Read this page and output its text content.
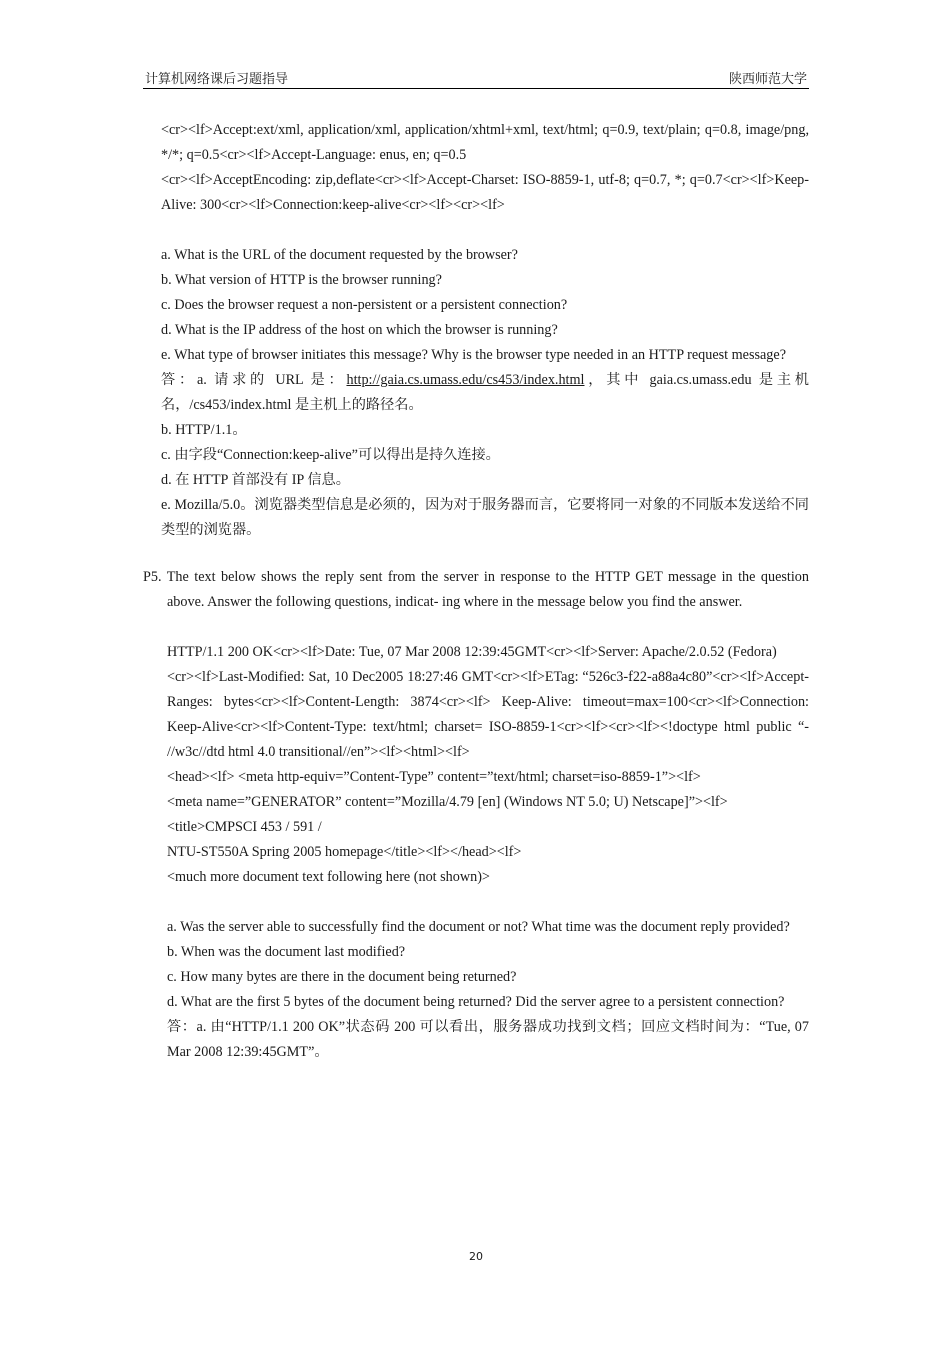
计算机网络课后习题指导	陕西师范大学

<cr><lf>Accept:ext/xml, application/xml, application/xhtml+xml, text/html; q=0.9, text/plain; q=0.8, image/png, */*; q=0.5<cr><lf>Accept-Language: enus, en; q=0.5

<cr><lf>AcceptEncoding: zip,deflate<cr><lf>Accept-Charset: ISO-8859-1, utf-8; q=0.7, *; q=0.7<cr><lf>Keep-Alive: 300<cr><lf>Connection:keep-alive<cr><lf><cr><lf>

a. What is the URL of the document requested by the browser?

b. What version of HTTP is the browser running?

c. Does the browser request a non-persistent or a persistent connection?

d. What is the IP address of the host on which the browser is running?

e. What type of browser initiates this message? Why is the browser type needed in an HTTP request message?

答：a. 请求的 URL 是：http://gaia.cs.umass.edu/cs453/index.html，其中 gaia.cs.umass.edu 是主机名，/cs453/index.html 是主机上的路径名。

b. HTTP/1.1。

c. 由字段“Connection:keep-alive”可以得出是持久连接。

d. 在 HTTP 首部没有 IP 信息。

e. Mozilla/5.0。浏览器类型信息是必须的，因为对于服务器而言，它要将同一对象的不同版本发送给不同类型的浏览器。

P5. The text below shows the reply sent from the server in response to the HTTP GET message in the question above. Answer the following questions, indicat- ing where in the message below you find the answer.

HTTP/1.1 200 OK<cr><lf>Date: Tue, 07 Mar 2008 12:39:45GMT<cr><lf>Server: Apache/2.0.52 (Fedora)

<cr><lf>Last-Modified: Sat, 10 Dec2005 18:27:46 GMT<cr><lf>ETag: “526c3-f22-a88a4c80”<cr><lf>Accept- Ranges: bytes<cr><lf>Content-Length: 3874<cr><lf> Keep-Alive: timeout=max=100<cr><lf>Connection: Keep-Alive<cr><lf>Content-Type: text/html; charset= ISO-8859-1<cr><lf><cr><lf><!doctype html public “- //w3c//dtd html 4.0 transitional//en”><lf><html><lf>

<head><lf> <meta http-equiv=”Content-Type” content=”text/html; charset=iso-8859-1”><lf>

<meta name=”GENERATOR” content=”Mozilla/4.79 [en] (Windows NT 5.0; U) Netscape]”><lf>

<title>CMPSCI 453 / 591 /

NTU-ST550A Spring 2005 homepage</title><lf></head><lf>

<much more document text following here (not shown)>

a. Was the server able to successfully find the document or not? What time was the document reply provided?

b. When was the document last modified?

c. How many bytes are there in the document being returned?

d. What are the first 5 bytes of the document being returned? Did the server agree to a persistent connection?

答：a. 由“HTTP/1.1 200 OK”状态码 200 可以看出，服务器成功找到文档；回应文档时间为：“Tue, 07 Mar 2008 12:39:45GMT”。

20
